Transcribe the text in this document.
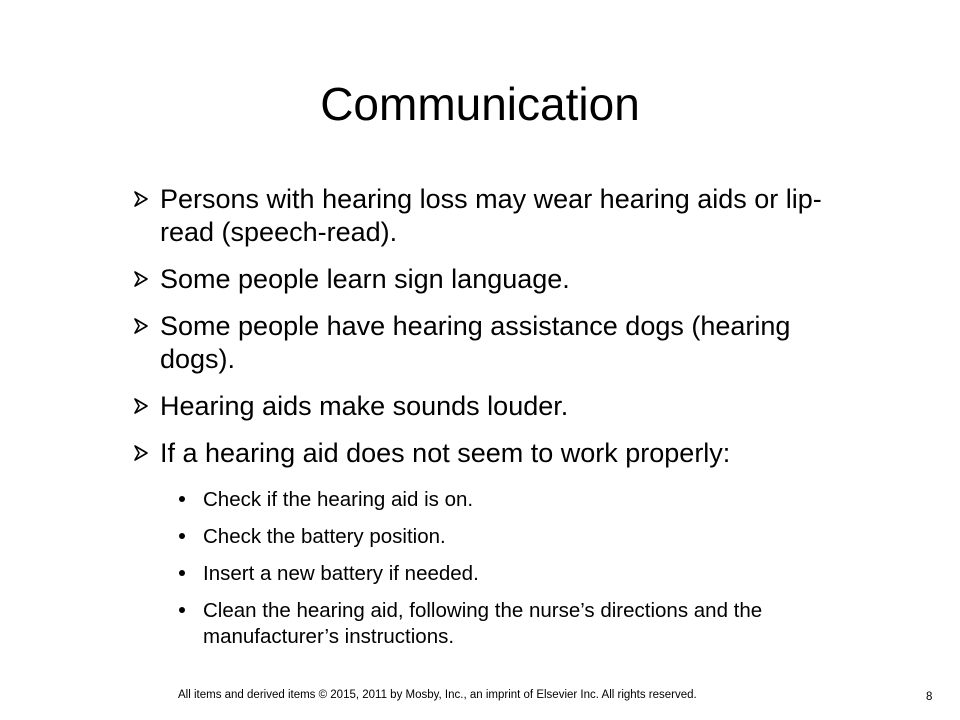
Communication
Persons with hearing loss may wear hearing aids or lip-read (speech-read).
Some people learn sign language.
Some people have hearing assistance dogs (hearing dogs).
Hearing aids make sounds louder.
If a hearing aid does not seem to work properly:
Check if the hearing aid is on.
Check the battery position.
Insert a new battery if needed.
Clean the hearing aid, following the nurse’s directions and the manufacturer’s instructions.
All items and derived items © 2015, 2011 by Mosby, Inc., an imprint of Elsevier Inc. All rights reserved.	8
